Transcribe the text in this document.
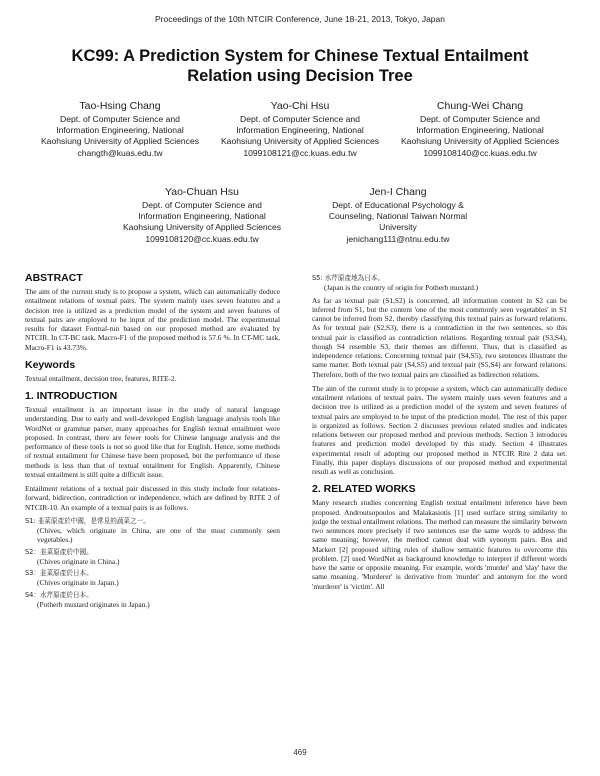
Proceedings of the 10th NTCIR Conference, June 18-21, 2013, Tokyo, Japan
KC99: A Prediction System for Chinese Textual Entailment Relation using Decision Tree
Tao-Hsing Chang
Dept. of Computer Science and Information Engineering, National Kaohsiung University of Applied Sciences
changth@kuas.edu.tw
Yao-Chi Hsu
Dept. of Computer Science and Information Engineering, National Kaohsiung University of Applied Sciences
1099108121@cc.kuas.edu.tw
Chung-Wei Chang
Dept. of Computer Science and Information Engineering, National Kaohsiung University of Applied Sciences
1099108140@cc.kuas.edu.tw
Yao-Chuan Hsu
Dept. of Computer Science and Information Engineering, National Kaohsiung University of Applied Sciences
1099108120@cc.kuas.edu.tw
Jen-I Chang
Dept. of Educational Psychology & Counseling, National Taiwan Normal University
jenichang111@ntnu.edu.tw
ABSTRACT

The aim of the current study is to propose a system, which can automatically deduce entailment relations of textual pairs. The system mainly uses seven features and a decision tree is utilized as a prediction model of the system and seven features of textual pairs are employed to be input of the prediction model. The experimental results for dataset Formal-run based on our proposed method are evaluated by NTCIR. In CT-BC task, Macro-F1 of the proposed method is 57.6 %. In CT-MC task, Macro-F1 is 43.73%.

Keywords

Textual entailment, decision tree, features, RITE-2.

1. INTRODUCTION

Textual entailment is an important issue in the study of natural language understanding. Due to early and well-developed English language analysis tools like WordNet or grammar parser, many approaches for English textual entailment were proposed. In contrast, there are fewer tools for Chinese language analysis and the performance of these tools is not so good like that for English. Hence, some methods of textual entailment for Chinese have been proposed, but the performance of those methods is less than that of textual entailment for English. Apparently, Chinese textual entailment is still quite a difficult issue.

Entailment relations of a textual pair discussed in this study include four relations- forward, bidirection, contradiction or independence, which are defined by RITE 2 of NTCIR-10. An example of a textual pairs is as follows.

S1: 韭菜原產於中國，是常見的蔬菜之一。
(Chives, which originate in China, are one of the most commonly seen vegetables.)
S2：韭菜原產於中國。
(Chives originate in China.)
S3：韭菜原產於日本。
(Chives originate in Japan.)
S4：水芹原產於日本。
(Potherb mustard originates in Japan.)
S5: 水芹原產地為日本。
(Japan is the country of origin for Potherb mustard.)

As far as textual pair (S1,S2) is concerned, all information content in S2 can be inferred from S1, but the content 'one of the most commonly seen vegetables' in S1 cannot be inferred from S2, thereby classifying this textual pairs as forward relations. As for textual pair (S2,S3), there is a contradiction in the two sentences, so this textual pair is classified as contradiction relations. Regarding textual pair (S3,S4), though S4 resemble S3, their themes are different. Thus, that is classified as independence relations. Concerning textual pair (S4,S5), two sentences illustrate the same matter. Both textual pair (S4,S5) and textual pair (S5,S4) are forward relations. Therefore, both of the two textual pairs are classified as bidirection relations.

The aim of the current study is to propose a system, which can automatically deduce entailment relations of textual pairs. The system mainly uses seven features and a decision tree is utilized as a prediction model of the system and seven features of textual pairs are employed to be input of the prediction model. The rest of this paper is organized as follows. Section 2 discusses previous related studies and indicates relations between our proposed method and previous methods. Section 3 introduces features and prediction model developed by this study. Section 4 illustrates experimental result of adopting our proposed method in NTCIR Rite 2 data set. Finally, this paper displays discussions of our proposed method and experimental result as well as conclusion.

2. RELATED WORKS

Many research studies concerning English textual entailment inference have been proposed. Androutsopoulos and Malakasiotis [1] used surface string similarity to judge the textual entailment relations. The method can measure the similarity between two sentences more precisely if two sentences use the same words to address the same meaning; however, the method cannot deal with synonym pairs. Bos and Markert [2] proposed sifting rules of shallow semantic features to overcome this problem. [2] used WordNet as background knowledge to interpret if different words have the same or opposite meaning. For example, words 'murder' and 'slay' have the same meaning. 'Murderer' is derivative from 'murder' and antonym for the word 'murderer' is 'victim'. All

469
